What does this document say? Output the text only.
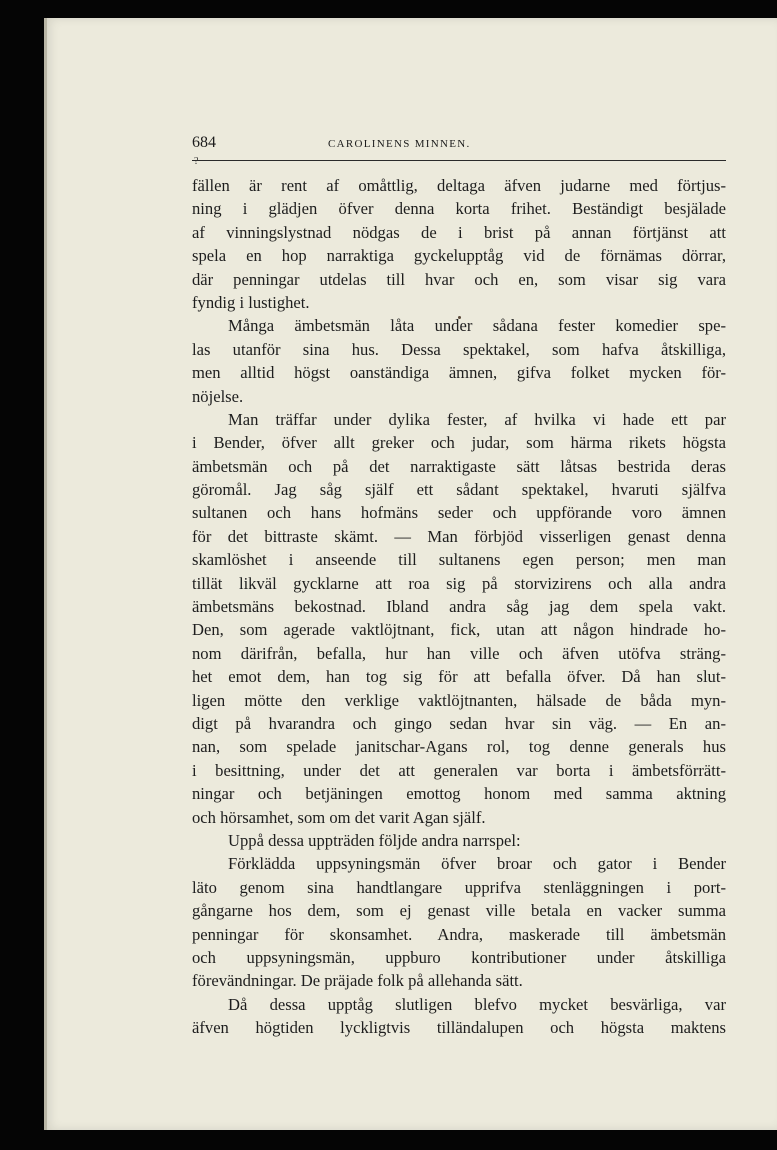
684	CAROLINENS MINNEN.
?
fällen är rent af omåttlig, deltaga äfven judarne med förtjus-
ning i glädjen öfver denna korta frihet. Beständigt besjälade
af vinningslystnad nödgas de i brist på annan förtjänst att
spela en hop narraktiga gyckelupptåg vid de förnämas dörrar,
där penningar utdelas till hvar och en, som visar sig vara
fyndig i lustighet.
Många ämbetsmän låta under sådana fester komedier spe-
las utanför sina hus. Dessa spektakel, som hafva åtskilliga,
men alltid högst oanständiga ämnen, gifva folket mycken för-
nöjelse.
Man träffar under dylika fester, af hvilka vi hade ett par
i Bender, öfver allt greker och judar, som härma rikets högsta
ämbetsmän och på det narraktigaste sätt låtsas bestrida deras
göromål. Jag såg själf ett sådant spektakel, hvaruti själfva
sultanen och hans hofmäns seder och uppförande voro ämnen
för det bittraste skämt. — Man förbjöd visserligen genast denna
skamlöshet i anseende till sultanens egen person; men man
tillät likväl gycklarne att roa sig på storvizirens och alla andra
ämbetsmäns bekostnad. Ibland andra såg jag dem spela vakt.
Den, som agerade vaktlöjtnant, fick, utan att någon hindrade ho-
nom därifrån, befalla, hur han ville och äfven utöfva sträng-
het emot dem, han tog sig för att befalla öfver. Då han slut-
ligen mötte den verklige vaktlöjtnanten, hälsade de båda myn-
digt på hvarandra och gingo sedan hvar sin väg. — En an-
nan, som spelade janitschar-Agans rol, tog denne generals hus
i besittning, under det att generalen var borta i ämbetsförrätt-
ningar och betjäningen emottog honom med samma aktning
och hörsamhet, som om det varit Agan själf.
Uppå dessa uppträden följde andra narrspel:
Förklädda uppsyningsmän öfver broar och gator i Bender
läto genom sina handtlangare upprifva stenläggningen i port-
gångarne hos dem, som ej genast ville betala en vacker summa
penningar för skonsamhet. Andra, maskerade till ämbetsmän
och uppsyningsmän, uppburo kontributioner under åtskilliga
förevändningar. De präjade folk på allehanda sätt.
Då dessa upptåg slutligen blefvo mycket besvärliga, var
äfven högtiden lyckligtvis tilländalupen och högsta maktens
